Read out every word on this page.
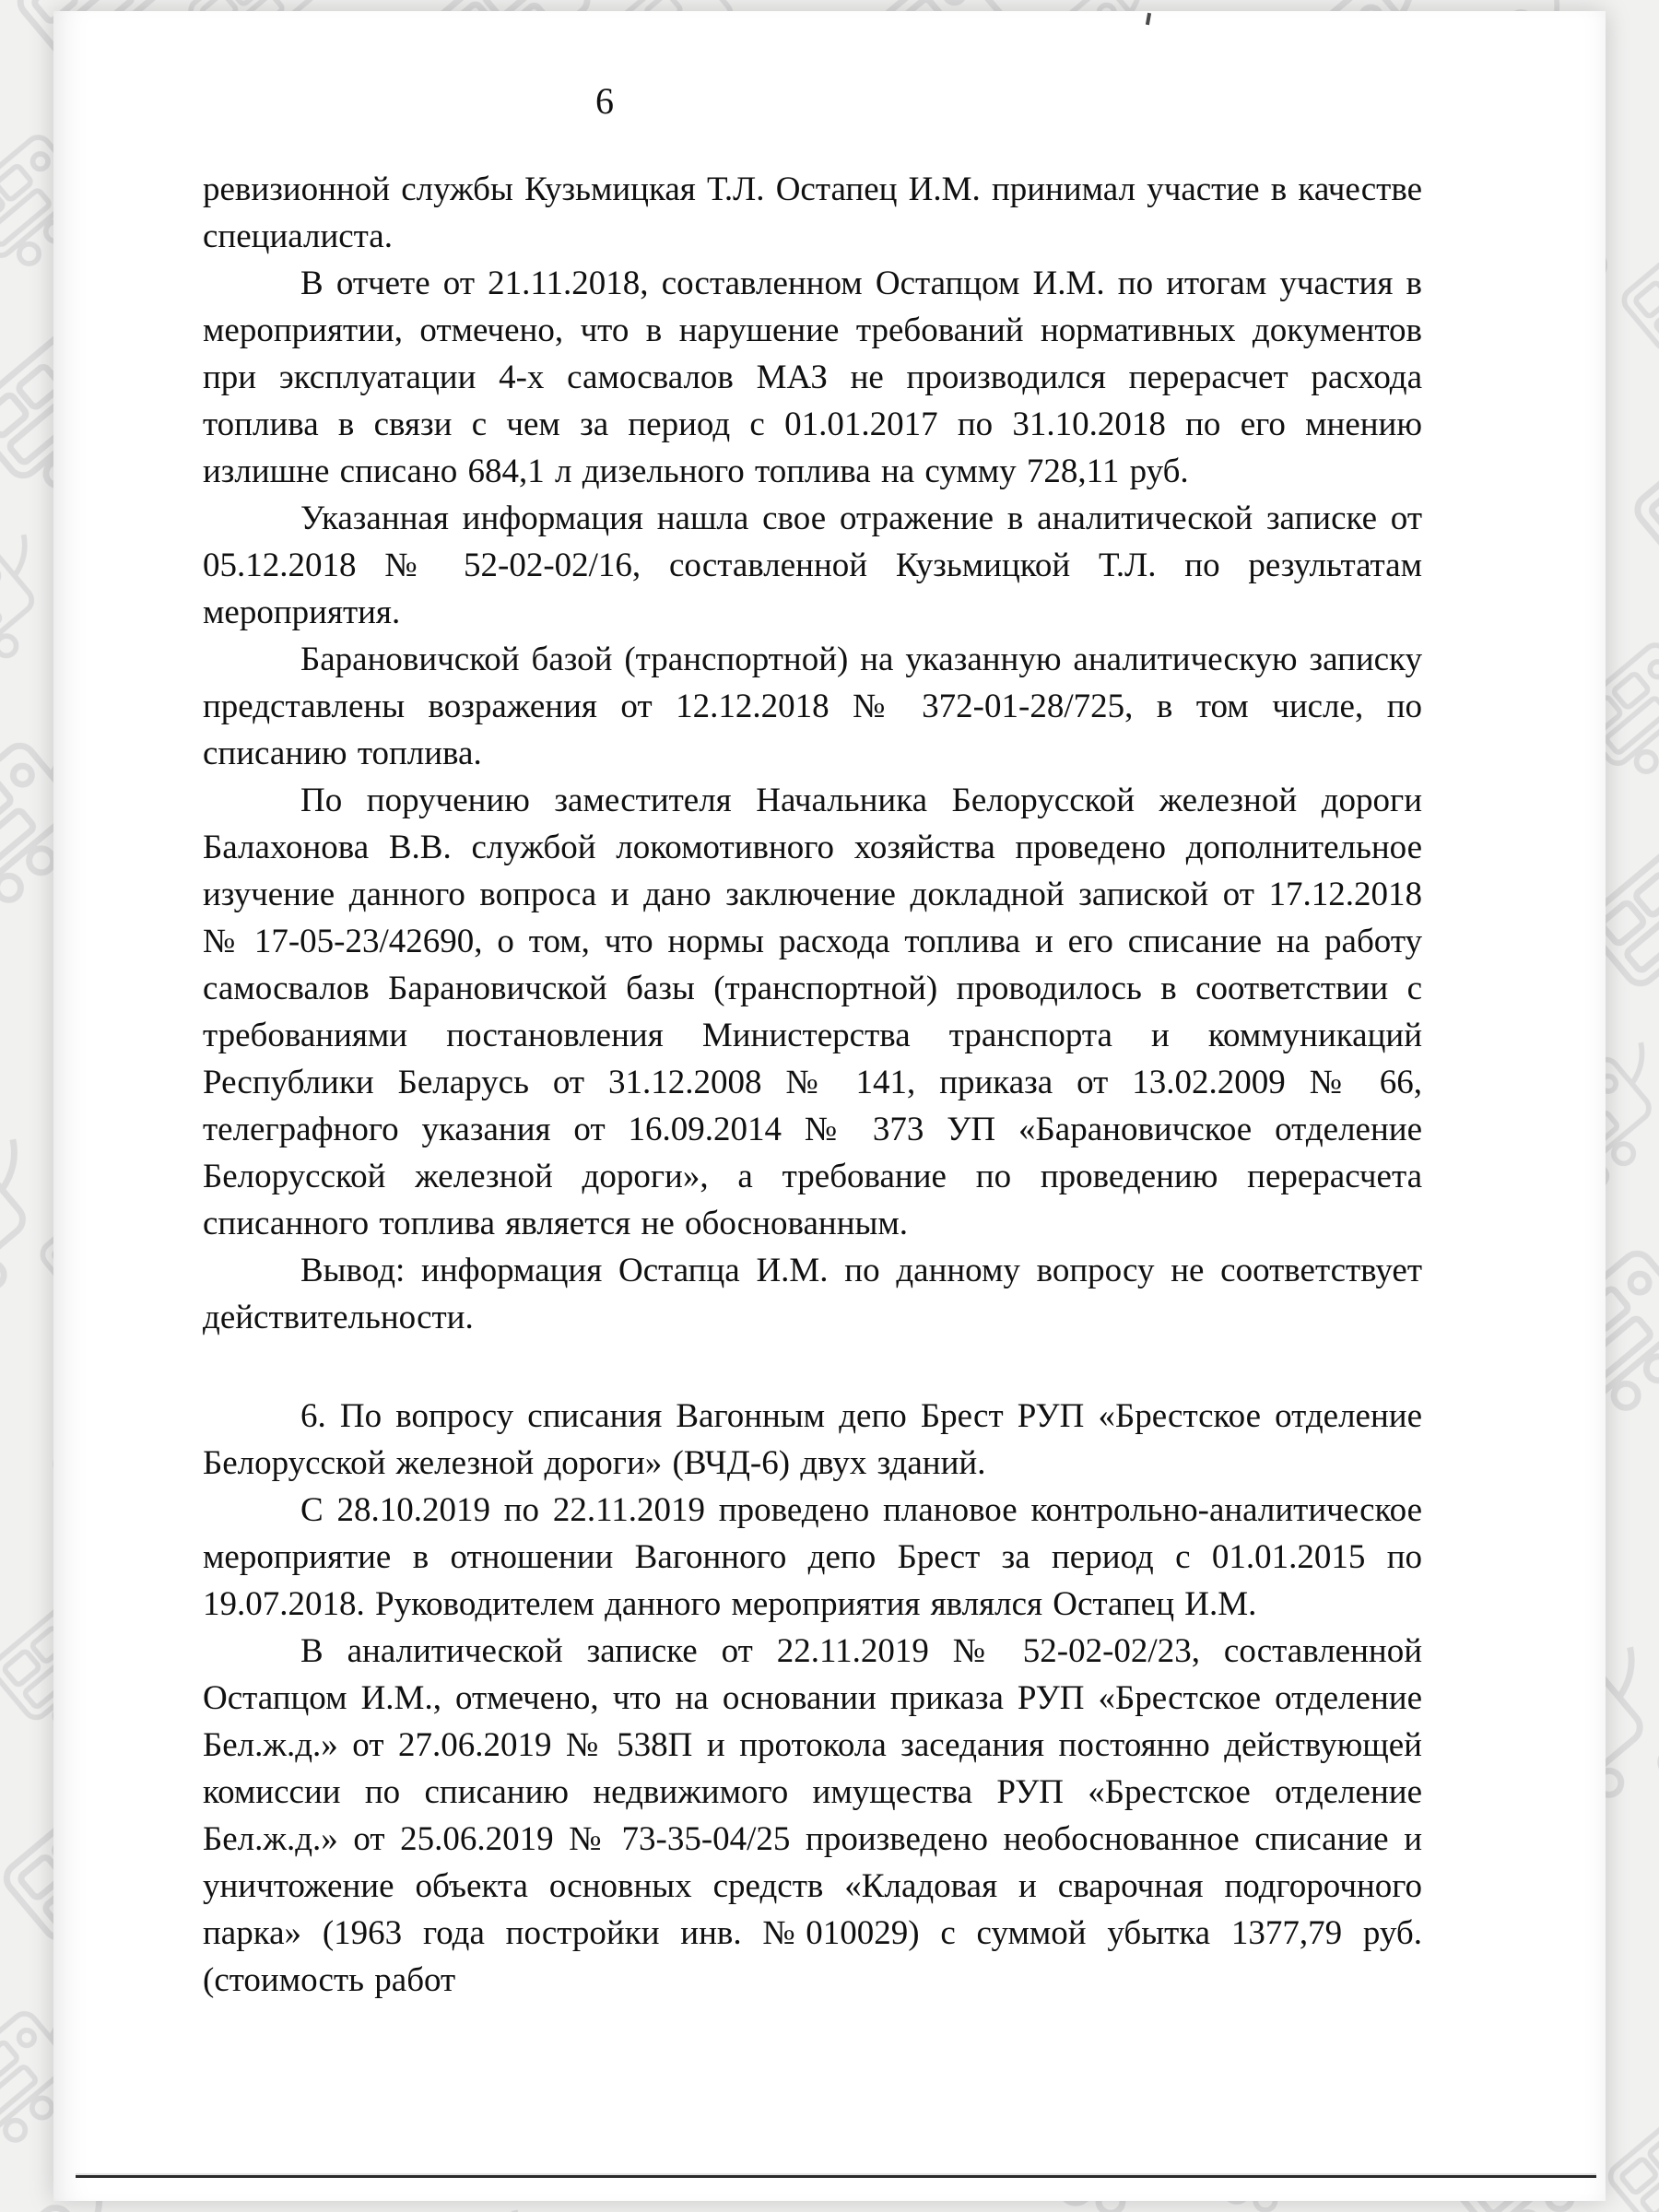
6

ревизионной службы Кузьмицкая Т.Л. Остапец И.М. принимал участие в качестве специалиста.

В отчете от 21.11.2018, составленном Остапцом И.М. по итогам участия в мероприятии, отмечено, что в нарушение требований нормативных документов при эксплуатации 4-х самосвалов МАЗ не производился перерасчет расхода топлива в связи с чем за период с 01.01.2017 по 31.10.2018 по его мнению излишне списано 684,1 л дизельного топлива на сумму 728,11 руб.

Указанная информация нашла свое отражение в аналитической записке от 05.12.2018 № 52-02-02/16, составленной Кузьмицкой Т.Л. по результатам мероприятия.

Барановичской базой (транспортной) на указанную аналитическую записку представлены возражения от 12.12.2018 № 372-01-28/725, в том числе, по списанию топлива.

По поручению заместителя Начальника Белорусской железной дороги Балахонова В.В. службой локомотивного хозяйства проведено дополнительное изучение данного вопроса и дано заключение докладной запиской от 17.12.2018 № 17-05-23/42690, о том, что нормы расхода топлива и его списание на работу самосвалов Барановичской базы (транспортной) проводилось в соответствии с требованиями постановления Министерства транспорта и коммуникаций Республики Беларусь от 31.12.2008 № 141, приказа от 13.02.2009 № 66, телеграфного указания от 16.09.2014 № 373 УП «Барановичское отделение Белорусской железной дороги», а требование по проведению перерасчета списанного топлива является не обоснованным.

Вывод: информация Остапца И.М. по данному вопросу не соответствует действительности.

6. По вопросу списания Вагонным депо Брест РУП «Брестское отделение Белорусской железной дороги» (ВЧД-6) двух зданий.

С 28.10.2019 по 22.11.2019 проведено плановое контрольно-аналитическое мероприятие в отношении Вагонного депо Брест за период с 01.01.2015 по 19.07.2018. Руководителем данного мероприятия являлся Остапец И.М.

В аналитической записке от 22.11.2019 № 52-02-02/23, составленной Остапцом И.М., отмечено, что на основании приказа РУП «Брестское отделение Бел.ж.д.» от 27.06.2019 № 538П и протокола заседания постоянно действующей комиссии по списанию недвижимого имущества РУП «Брестское отделение Бел.ж.д.» от 25.06.2019 № 73-35-04/25 произведено необоснованное списание и уничтожение объекта основных средств «Кладовая и сварочная подгорочного парка» (1963 года постройки инв. №010029) с суммой убытка 1377,79 руб. (стоимость работ
